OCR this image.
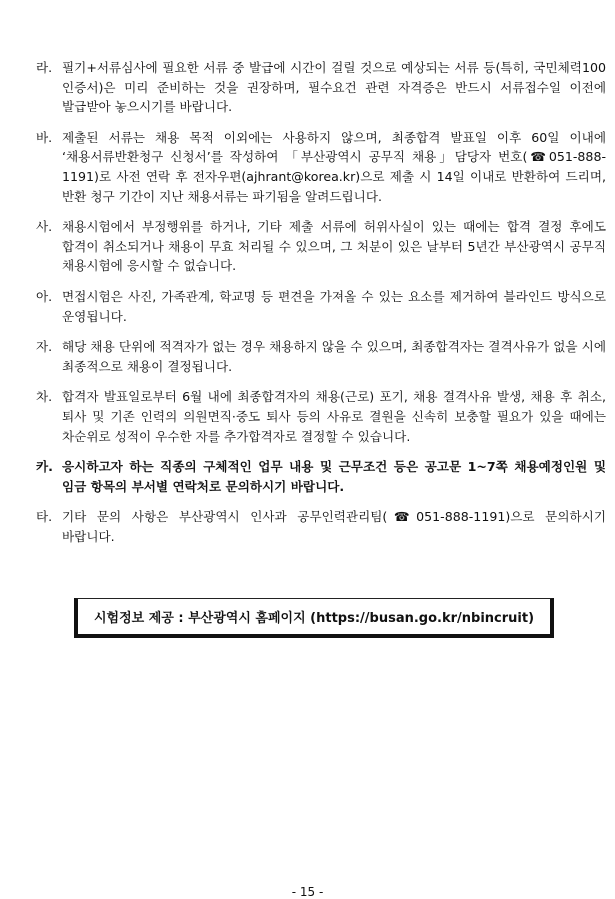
라. 필기+서류심사에 필요한 서류 중 발급에 시간이 걸릴 것으로 예상되는 서류 등(특히, 국민체력100 인증서)은 미리 준비하는 것을 권장하며, 필수요건 관련 자격증은 반드시 서류접수일 이전에 발급받아 놓으시기를 바랍니다.
바. 제출된 서류는 채용 목적 이외에는 사용하지 않으며, 최종합격 발표일 이후 60일 이내에 ‘채용서류반환청구 신청서’를 작성하여 「부산광역시 공무직 채용」담당자 번호(☎051-888-1191)로 사전 연락 후 전자우편(ajhrant@korea.kr)으로 제출 시 14일 이내로 반환하여 드리며, 반환 청구 기간이 지난 채용서류는 파기됨을 알려드립니다.
사. 채용시험에서 부정행위를 하거나, 기타 제출 서류에 허위사실이 있는 때에는 합격 결정 후에도 합격이 취소되거나 채용이 무효 처리될 수 있으며, 그 처분이 있은 날부터 5년간 부산광역시 공무직 채용시험에 응시할 수 없습니다.
아. 면접시험은 사진, 가족관계, 학교명 등 편견을 가져올 수 있는 요소를 제거하여 블라인드 방식으로 운영됩니다.
자. 해당 채용 단위에 적격자가 없는 경우 채용하지 않을 수 있으며, 최종합격자는 결격사유가 없을 시에 최종적으로 채용이 결정됩니다.
차. 합격자 발표일로부터 6월 내에 최종합격자의 채용(근로) 포기, 채용 결격사유 발생, 채용 후 취소, 퇴사 및 기존 인력의 의원면직·중도 퇴사 등의 사유로 결원을 신속히 보충할 필요가 있을 때에는 차순위로 성적이 우수한 자를 추가합격자로 결정할 수 있습니다.
카. 응시하고자 하는 직종의 구체적인 업무 내용 및 근무조건 등은 공고문 1~7쪽 채용예정인원 및 임금 항목의 부서별 연락처로 문의하시기 바랍니다.
타. 기타 문의 사항은 부산광역시 인사과 공무인력관리팀(☎051-888-1191)으로 문의하시기 바랍니다.
시험정보 제공 : 부산광역시 홈페이지 (https://busan.go.kr/nbincruit)
- 15 -
